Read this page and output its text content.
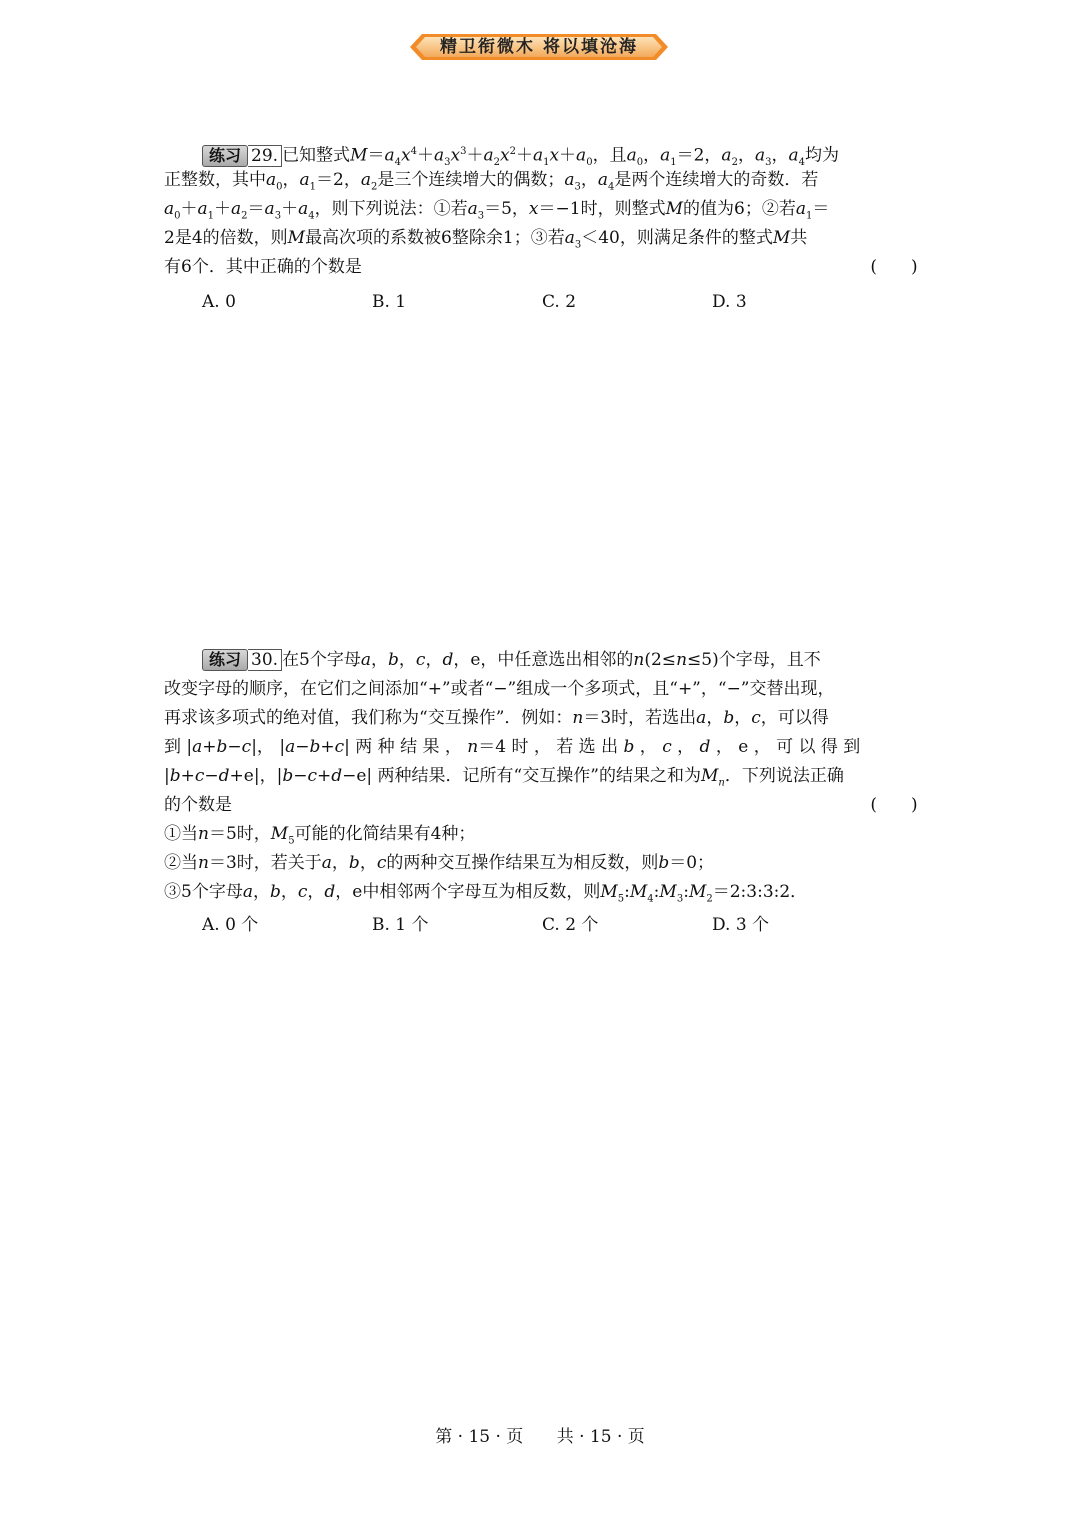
精卫衔微木 将以填沧海
练习 29. 已知整式$M=a_4x^4+a_3x^3+a_2x^2+a_1x+a_0$，且$a_0$，$a_1=2$，$a_2$，$a_3$，$a_4$均为
正整数，其中$a_0$，$a_1=2$，$a_2$是三个连续增大的偶数；$a_3$，$a_4$是两个连续增大的奇数．若
$a_0+a_1+a_2=a_3+a_4$，则下列说法：①若$a_3=5$，x＝−1时，则整式M的值为6；②若$a_1=$
2是4的倍数，则M最高次项的系数被6整除余1；③若$a_3<40$，则满足条件的整式M共
有6个．其中正确的个数是	(　　)
A. 0	B. 1	C. 2	D. 3
练习 30. 在5个字母a，b，c，d，e，中任意选出相邻的n(2≤n≤5)个字母，且不
改变字母的顺序，在它们之间添加“+”或者“−”组成一个多项式，且“+”，“−”交替出现，
再求该多项式的绝对值，我们称为“交互操作”．例如：n＝3时，若选出a，b，c，可以得
到 |a+b−c|， |a−b+c| 两 种 结 果 ， n＝4 时 ， 若 选 出 b ， c ， d ， e ， 可 以 得 到
|b+c−d+e|，|b−c+d−e| 两种结果．记所有“交互操作”的结果之和为$M_n$．下列说法正确
的个数是	(　　)
①当n＝5时，$M_5$可能的化简结果有4种；
②当n＝3时，若关于a，b，c的两种交互操作结果互为相反数，则b＝0；
③5个字母a，b，c，d，e中相邻两个字母互为相反数，则$M_5:M_4:M_3:M_2=2:3:3:2$．
A. 0 个	B. 1 个	C. 2 个	D. 3 个
第 · 15 · 页 共 · 15 · 页
